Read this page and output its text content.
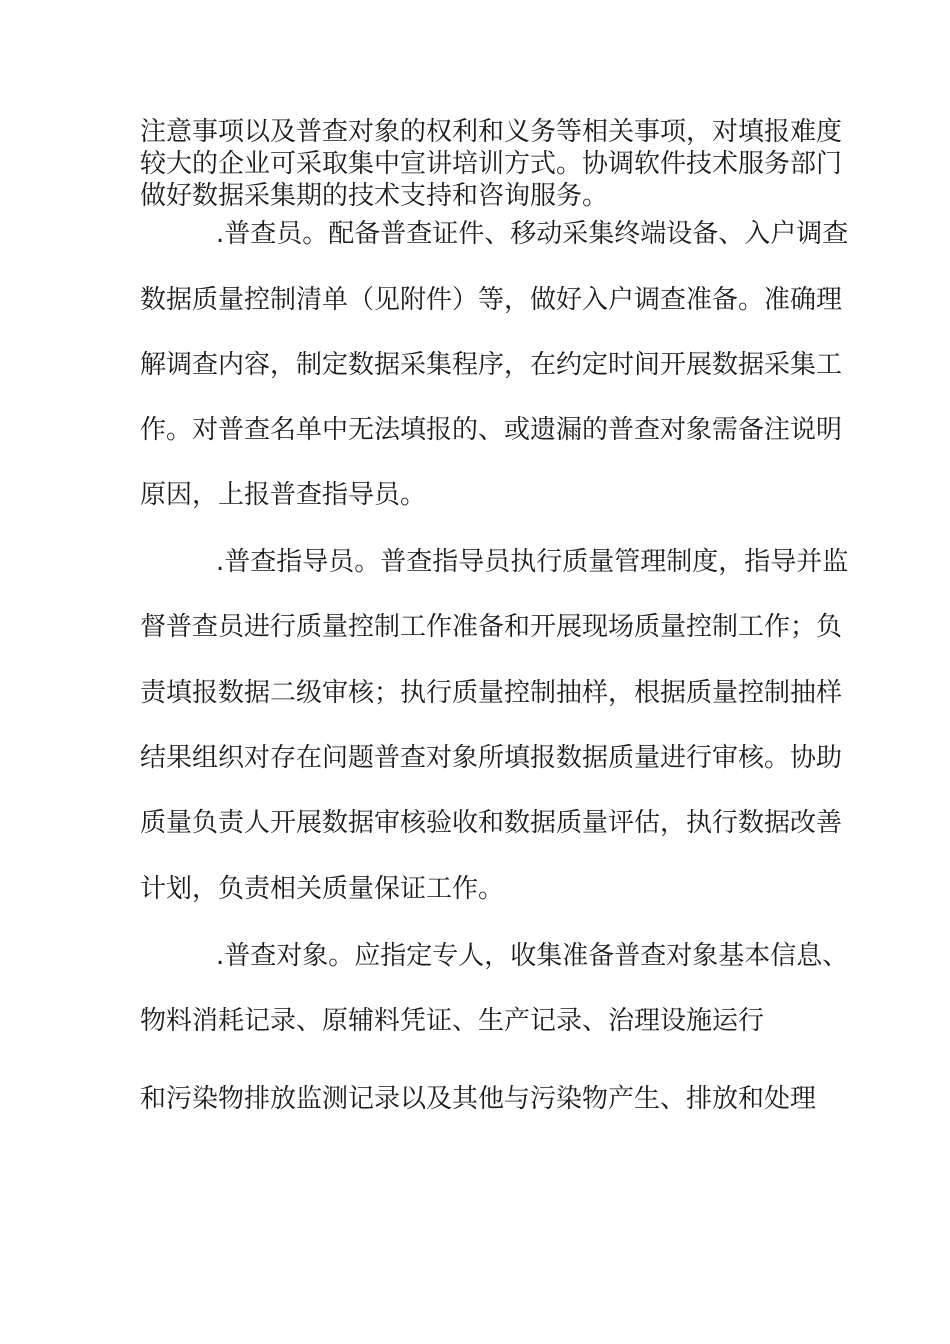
注意事项以及普查对象的权利和义务等相关事项，对填报难度
较大的企业可采取集中宣讲培训方式。协调软件技术服务部门
做好数据采集期的技术支持和咨询服务。
.普查员。配备普查证件、移动采集终端设备、入户调查
数据质量控制清单（见附件）等，做好入户调查准备。准确理
解调查内容，制定数据采集程序，在约定时间开展数据采集工
作。对普查名单中无法填报的、或遗漏的普查对象需备注说明
原因，上报普查指导员。
.普查指导员。普查指导员执行质量管理制度，指导并监
督普查员进行质量控制工作准备和开展现场质量控制工作；负
责填报数据二级审核；执行质量控制抽样，根据质量控制抽样
结果组织对存在问题普查对象所填报数据质量进行审核。协助
质量负责人开展数据审核验收和数据质量评估，执行数据改善
计划，负责相关质量保证工作。
.普查对象。应指定专人，收集准备普查对象基本信息、
物料消耗记录、原辅料凭证、生产记录、治理设施运行
和污染物排放监测记录以及其他与污染物产生、排放和处理
